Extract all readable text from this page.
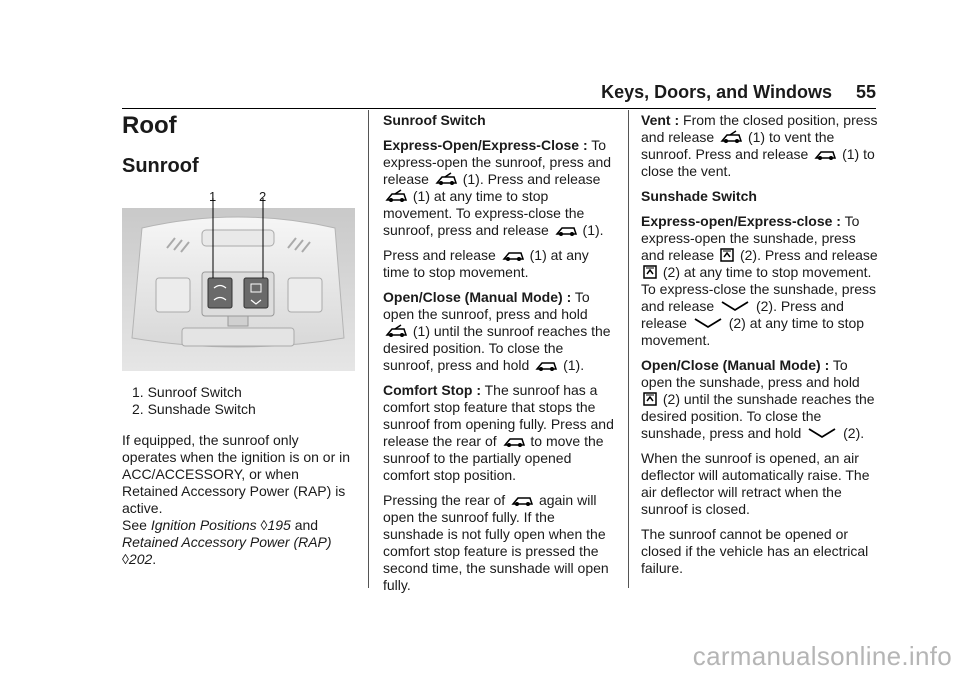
Keys, Doors, and Windows 55
Roof
Sunroof
1	2
1. Sunroof Switch
2. Sunshade Switch

If equipped, the sunroof only operates when the ignition is on or in ACC/ACCESSORY, or when Retained Accessory Power (RAP) is active.
See Ignition Positions ◊195 and
Retained Accessory Power (RAP)
◊202.

Sunroof Switch

Express-Open/Express-Close : To express-open the sunroof, press and release (1). Press and release  (1) at any time to stop movement. To express-close the sunroof, press and release (1).

Press and release (1) at any time to stop movement.

Open/Close (Manual Mode) : To open the sunroof, press and hold  (1) until the sunroof reaches the desired position. To close the sunroof, press and hold (1).

Comfort Stop : The sunroof has a comfort stop feature that stops the sunroof from opening fully. Press and release the rear of to move the sunroof to the partially opened comfort stop position.

Pressing the rear of again will open the sunroof fully. If the sunshade is not fully open when the comfort stop feature is pressed the second time, the sunshade will open fully.

Vent : From the closed position, press and release (1) to vent the sunroof. Press and release (1) to close the vent.

Sunshade Switch

Express-open/Express-close : To express-open the sunshade, press and release (2). Press and release  (2) at any time to stop movement. To express-close the sunshade, press and release	(2). Press and release	(2) at any time to stop movement.

Open/Close (Manual Mode) : To open the sunshade, press and hold  (2) until the sunshade reaches the desired position. To close the sunshade, press and hold	(2).

When the sunroof is opened, an air deflector will automatically raise. The air deflector will retract when the sunroof is closed.

The sunroof cannot be opened or closed if the vehicle has an electrical failure.

carmanualsonline.info
